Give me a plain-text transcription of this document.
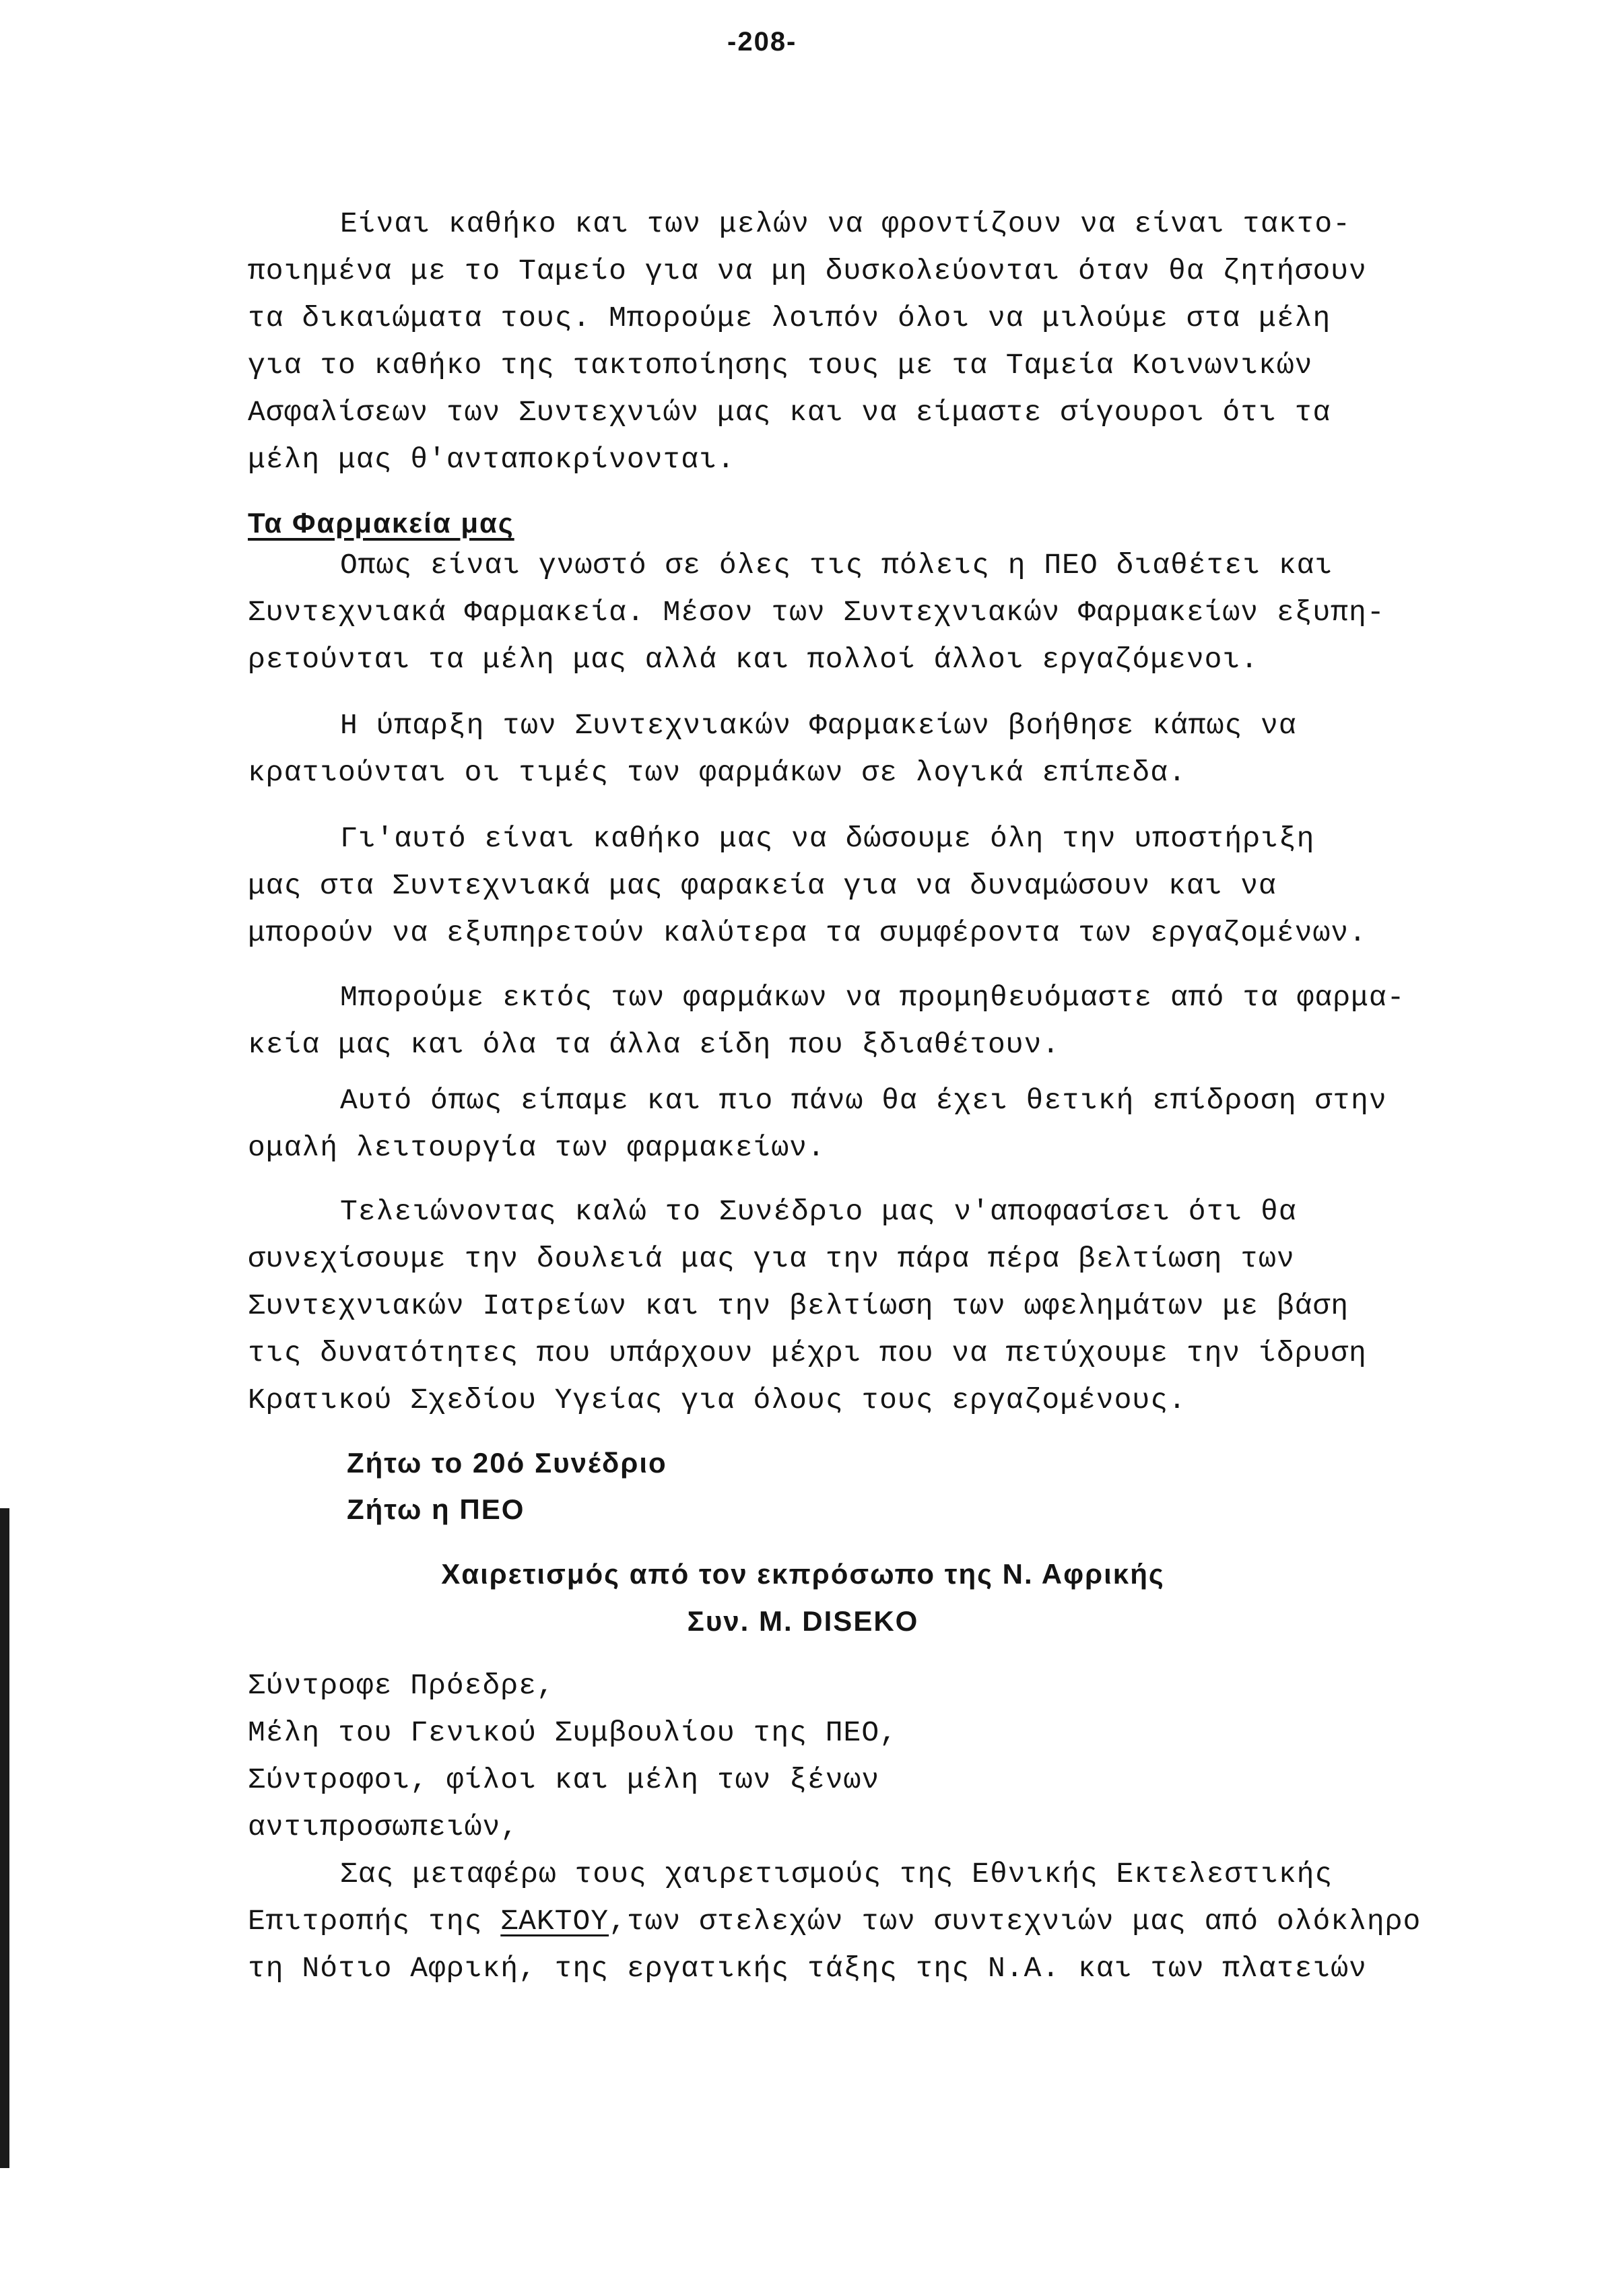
-208-
Είναι καθήκο και των μελών να φροντίζουν να είναι τακτο-
ποιημένα με το Ταμείο για να μη δυσκολεύονται όταν θα ζητήσουν
τα δικαιώματα τους. Μπορούμε λοιπόν όλοι να μιλούμε στα μέλη
για το καθήκο της τακτοποίησης τους με τα Ταμεία Κοινωνικών
Ασφαλίσεων των Συντεχνιών μας και να είμαστε σίγουροι ότι τα
μέλη μας θ'ανταποκρίνονται.
Τα Φαρμακεία μας
Οπως είναι γνωστό σε όλες τις πόλεις η ΠΕΟ διαθέτει και
Συντεχνιακά Φαρμακεία. Μέσον των Συντεχνιακών Φαρμακείων εξυπη-
ρετούνται τα μέλη μας αλλά και πολλοί άλλοι εργαζόμενοι.
Η ύπαρξη των Συντεχνιακών Φαρμακείων βοήθησε κάπως να
κρατιούνται οι τιμές των φαρμάκων σε λογικά επίπεδα.
Γι'αυτό είναι καθήκο μας να δώσουμε όλη την υποστήριξη
μας στα Συντεχνιακά μας φαρακεία για να δυναμώσουν και να
μπορούν να εξυπηρετούν καλύτερα τα συμφέροντα των εργαζομένων.
Μπορούμε εκτός των φαρμάκων να προμηθευόμαστε από τα φαρμα-
κεία μας και όλα τα άλλα είδη που ξδιαθέτουν.
Αυτό όπως είπαμε και πιο πάνω θα έχει θετική επίδροση στην
ομαλή λειτουργία των φαρμακείων.
Τελειώνοντας καλώ το Συνέδριο μας ν'αποφασίσει ότι θα
συνεχίσουμε την δουλειά μας για την πάρα πέρα βελτίωση των
Συντεχνιακών Ιατρείων και την βελτίωση των ωφελημάτων με βάση
τις δυνατότητες που υπάρχουν μέχρι που να πετύχουμε την ίδρυση
Κρατικού Σχεδίου Υγείας για όλους τους εργαζομένους.
Ζήτω το 20ό Συνέδριο
Ζήτω η ΠΕΟ
Χαιρετισμός από τον εκπρόσωπο της Ν. Αφρικής
Συν. Μ. DISEKO
Σύντροφε Πρόεδρε,
Μέλη του Γενικού Συμβουλίου της ΠΕΟ,
Σύντροφοι, φίλοι και μέλη των ξένων
αντιπροσωπειών,
Σας μεταφέρω τους χαιρετισμούς της Εθνικής Εκτελεστικής
Επιτροπής της ΣΑΚΤΟΥ,των στελεχών των συντεχνιών μας από ολόκληρο
τη Νότιο Αφρική, της εργατικής τάξης της Ν.Α. και των πλατειών
